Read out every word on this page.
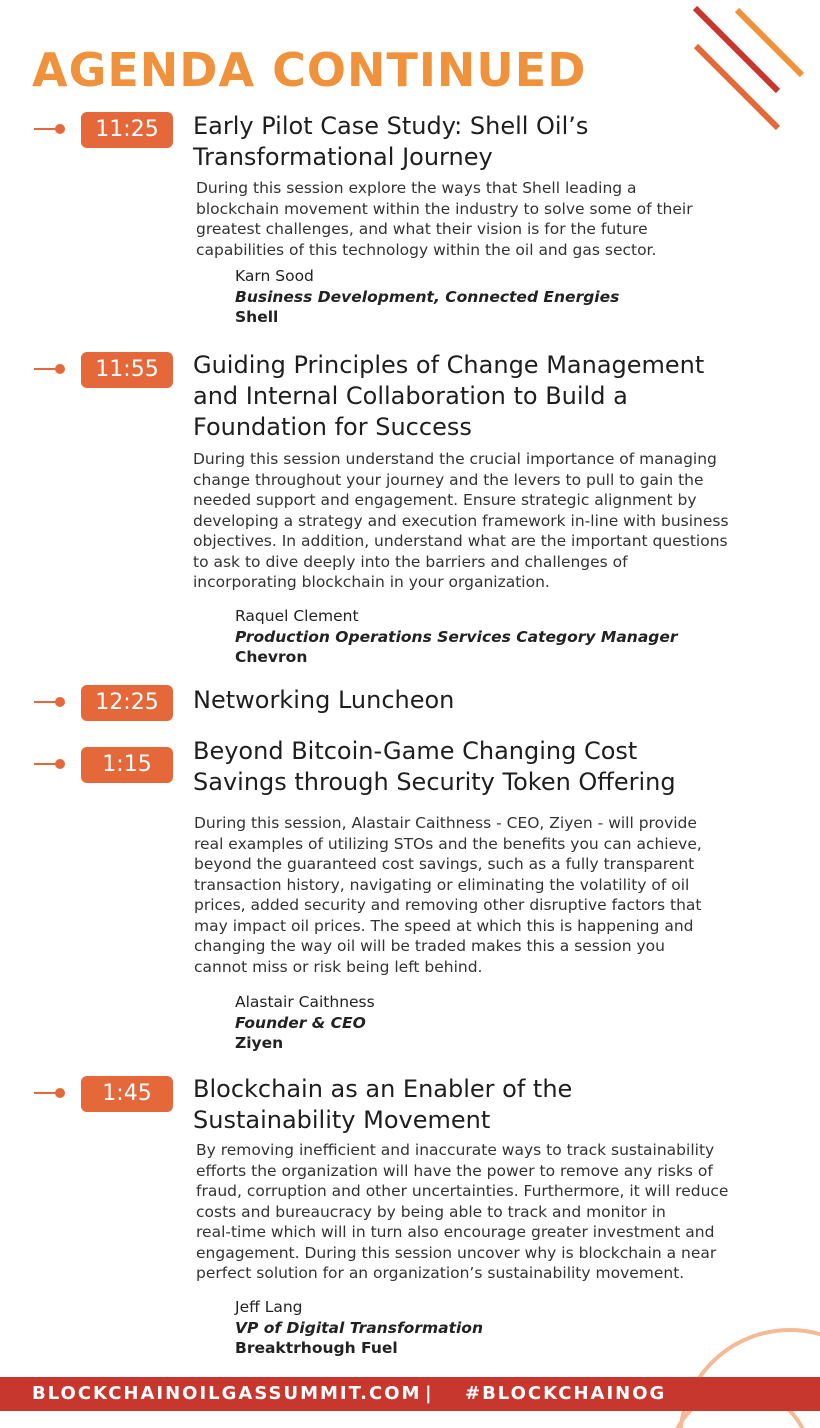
AGENDA CONTINUED
11:25	Early Pilot Case Study: Shell Oil’s
Transformational Journey
During this session explore the ways that Shell leading a
blockchain movement within the industry to solve some of their
greatest challenges, and what their vision is for the future
capabilities of this technology within the oil and gas sector.
Karn Sood
Business Development, Connected Energies
Shell
11:55	Guiding Principles of Change Management
and Internal Collaboration to Build a
Foundation for Success
During this session understand the crucial importance of managing
change throughout your journey and the levers to pull to gain the
needed support and engagement. Ensure strategic alignment by
developing a strategy and execution framework in-line with business
objectives. In addition, understand what are the important questions
to ask to dive deeply into the barriers and challenges of
incorporating blockchain in your organization.
Raquel Clement
Production Operations Services Category Manager
Chevron
12:25	Networking Luncheon
1:15	Beyond Bitcoin-Game Changing Cost
Savings through Security Token Offering
During this session, Alastair Caithness - CEO, Ziyen - will provide
real examples of utilizing STOs and the benefits you can achieve,
beyond the guaranteed cost savings, such as a fully transparent
transaction history, navigating or eliminating the volatility of oil
prices, added security and removing other disruptive factors that
may impact oil prices. The speed at which this is happening and
changing the way oil will be traded makes this a session you
cannot miss or risk being left behind.
Alastair Caithness
Founder & CEO
Ziyen
1:45	Blockchain as an Enabler of the
Sustainability Movement
By removing inefficient and inaccurate ways to track sustainability
efforts the organization will have the power to remove any risks of
fraud, corruption and other uncertainties. Furthermore, it will reduce
costs and bureaucracy by being able to track and monitor in
real-time which will in turn also encourage greater investment and
engagement. During this session uncover why is blockchain a near
perfect solution for an organization’s sustainability movement.
Jeff Lang
VP of Digital Transformation
Breaktrhough Fuel
BLOCKCHAINOILGASSUMMIT.COM | #BLOCKCHAINOG
